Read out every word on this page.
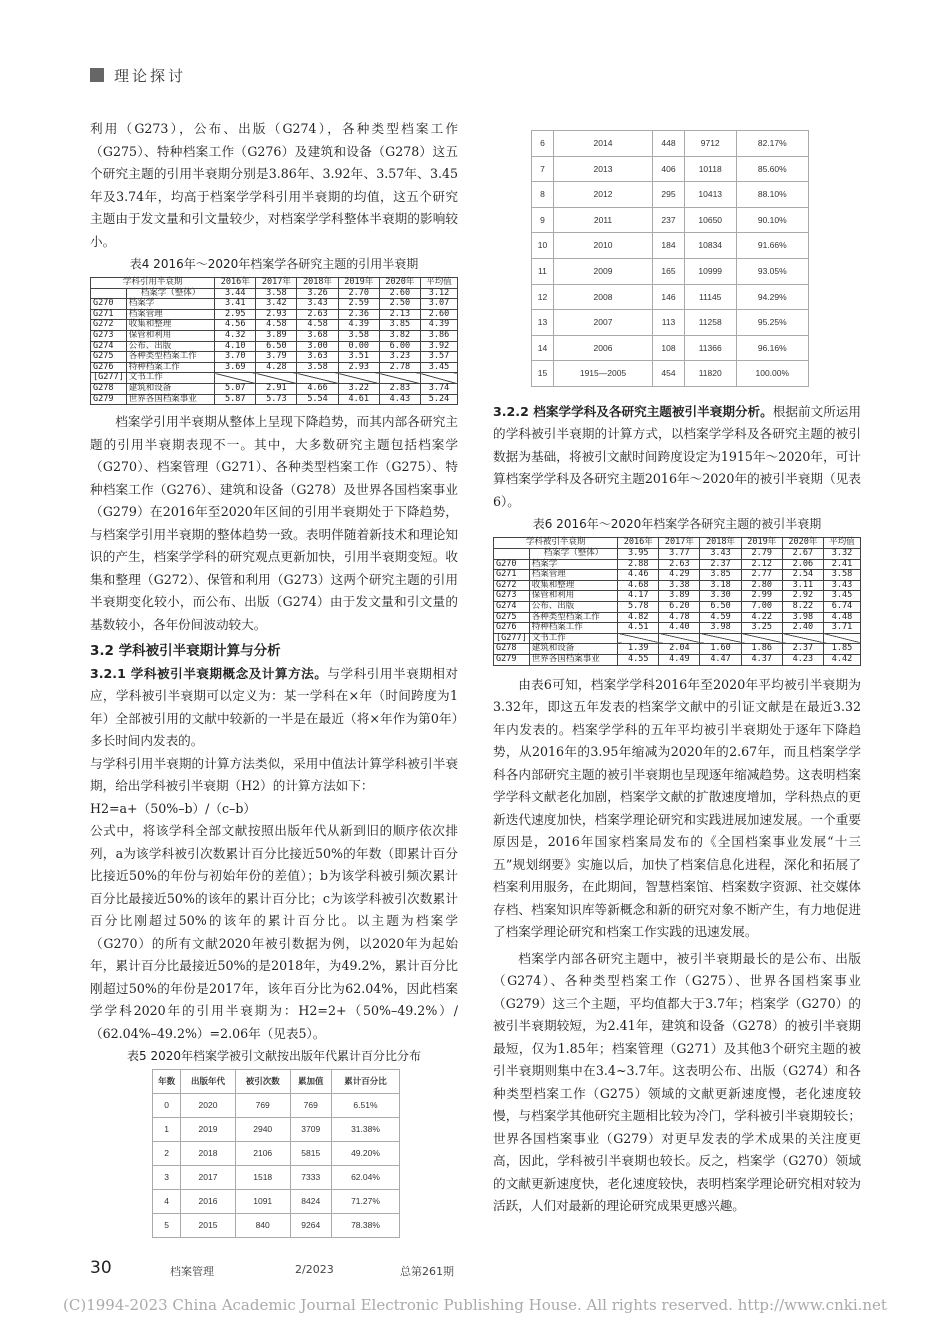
理论探讨

利用（G273），公布、出版（G274），各种类型档案工作（G275）、特种档案工作（G276）及建筑和设备（G278）这五个研究主题的引用半衰期分别是3.86年、3.92年、3.57年、3.45年及3.74年，均高于档案学学科引用半衰期的均值，这五个研究主题由于发文量和引文量较少，对档案学学科整体半衰期的影响较小。

表4 2016年～2020年档案学各研究主题的引用半衰期
学科引用半衰期		2016年	2017年	2018年	2019年	2020年	平均值
	档案学（整体）	3.44	3.58	3.26	2.70	2.60	3.12
G270	档案学	3.41	3.42	3.43	2.59	2.50	3.07
G271	档案管理	2.95	2.93	2.63	2.36	2.13	2.60
G272	收集和整理	4.56	4.58	4.58	4.39	3.85	4.39
G273	保管和利用	4.32	3.89	3.68	3.58	3.82	3.86
G274	公布、出版	4.10	6.50	3.00	0.00	6.00	3.92
G275	各种类型档案工作	3.70	3.79	3.63	3.51	3.23	3.57
G276	特种档案工作	3.69	4.28	3.58	2.93	2.78	3.45
[G277]	文书工作						
G278	建筑和设备	5.07	2.91	4.66	3.22	2.83	3.74
G279	世界各国档案事业	5.87	5.73	5.54	4.61	4.43	5.24

档案学引用半衰期从整体上呈现下降趋势，而其内部各研究主题的引用半衰期表现不一。其中，大多数研究主题包括档案学（G270）、档案管理（G271）、各种类型档案工作（G275）、特种档案工作（G276）、建筑和设备（G278）及世界各国档案事业（G279）在2016年至2020年区间的引用半衰期处于下降趋势，与档案学引用半衰期的整体趋势一致。表明伴随着新技术和理论知识的产生，档案学学科的研究观点更新加快，引用半衰期变短。收集和整理（G272）、保管和利用（G273）这两个研究主题的引用半衰期变化较小，而公布、出版（G274）由于发文量和引文量的基数较小，各年份间波动较大。

3.2 学科被引半衰期计算与分析

3.2.1 学科被引半衰期概念及计算方法。与学科引用半衰期相对应，学科被引半衰期可以定义为：某一学科在×年（时间跨度为1年）全部被引用的文献中较新的一半是在最近（将×年作为第0年）多长时间内发表的。

与学科引用半衰期的计算方法类似，采用中值法计算学科被引半衰期，给出学科被引半衰期（H2）的计算方法如下：

H2=a+（50%–b）/（c–b）

公式中，将该学科全部文献按照出版年代从新到旧的顺序依次排列，a为该学科被引次数累计百分比接近50%的年数（即累计百分比接近50%的年份与初始年份的差值）；b为该学科被引频次累计百分比最接近50%的该年的累计百分比；c为该学科被引次数累计百分比刚超过50%的该年的累计百分比。以主题为档案学（G270）的所有文献2020年被引数据为例，以2020年为起始年，累计百分比最接近50%的是2018年，为49.2%，累计百分比刚超过50%的年份是2017年，该年百分比为62.04%，因此档案学学科2020年的引用半衰期为：H2=2+（50%–49.2%）/（62.04%–49.2%）=2.06年（见表5）。

表5 2020年档案学被引文献按出版年代累计百分比分布
年数	出版年代	被引次数	累加值	累计百分比
0	2020	769	769	6.51%
1	2019	2940	3709	31.38%
2	2018	2106	5815	49.20%
3	2017	1518	7333	62.04%
4	2016	1091	8424	71.27%
5	2015	840	9264	78.38%
6	2014	448	9712	82.17%
7	2013	406	10118	85.60%
8	2012	295	10413	88.10%
9	2011	237	10650	90.10%
10	2010	184	10834	91.66%
11	2009	165	10999	93.05%
12	2008	146	11145	94.29%
13	2007	113	11258	95.25%
14	2006	108	11366	96.16%
15	1915—2005	454	11820	100.00%

3.2.2 档案学学科及各研究主题被引半衰期分析。根据前文所运用的学科被引半衰期的计算方式，以档案学学科及各研究主题的被引数据为基础，将被引文献时间跨度设定为1915年～2020年，可计算档案学学科及各研究主题2016年～2020年的被引半衰期（见表6）。

表6 2016年～2020年档案学各研究主题的被引半衰期
学科被引半衰期		2016年	2017年	2018年	2019年	2020年	平均值
	档案学（整体）	3.95	3.77	3.43	2.79	2.67	3.32
G270	档案学	2.88	2.63	2.37	2.12	2.06	2.41
G271	档案管理	4.46	4.29	3.85	2.77	2.54	3.58
G272	收集和整理	4.68	3.38	3.18	2.80	3.11	3.43
G273	保管和利用	4.17	3.89	3.30	2.99	2.92	3.45
G274	公布、出版	5.78	6.20	6.50	7.00	8.22	6.74
G275	各种类型档案工作	4.82	4.78	4.59	4.22	3.98	4.48
G276	特种档案工作	4.51	4.40	3.98	3.25	2.40	3.71
[G277]	文书工作						
G278	建筑和设备	1.39	2.04	1.60	1.86	2.37	1.85
G279	世界各国档案事业	4.55	4.49	4.47	4.37	4.23	4.42

由表6可知，档案学学科2016年至2020年平均被引半衰期为3.32年，即这五年发表的档案学文献中的引证文献是在最近3.32年内发表的。档案学学科的五年平均被引半衰期处于逐年下降趋势，从2016年的3.95年缩减为2020年的2.67年，而且档案学学科各内部研究主题的被引半衰期也呈现逐年缩减趋势。这表明档案学学科文献老化加剧，档案学文献的扩散速度增加，学科热点的更新迭代速度加快，档案学理论研究和实践进展加速发展。一个重要原因是，2016年国家档案局发布的《全国档案事业发展“十三五”规划纲要》实施以后，加快了档案信息化进程，深化和拓展了档案利用服务，在此期间，智慧档案馆、档案数字资源、社交媒体存档、档案知识库等新概念和新的研究对象不断产生，有力地促进了档案学理论研究和档案工作实践的迅速发展。

档案学内部各研究主题中，被引半衰期最长的是公布、出版（G274）、各种类型档案工作（G275）、世界各国档案事业（G279）这三个主题，平均值都大于3.7年；档案学（G270）的被引半衰期较短，为2.41年，建筑和设备（G278）的被引半衰期最短，仅为1.85年；档案管理（G271）及其他3个研究主题的被引半衰期则集中在3.4~3.7年。这表明公布、出版（G274）和各种类型档案工作（G275）领域的文献更新速度慢，老化速度较慢，与档案学其他研究主题相比较为冷门，学科被引半衰期较长；世界各国档案事业（G279）对更早发表的学术成果的关注度更高，因此，学科被引半衰期也较长。反之，档案学（G270）领域的文献更新速度快，老化速度较快，表明档案学理论研究相对较为活跃，人们对最新的理论研究成果更感兴趣。

30	档案管理	2/2023	总第261期
(C)1994-2023 China Academic Journal Electronic Publishing House. All rights reserved. http://www.cnki.net
